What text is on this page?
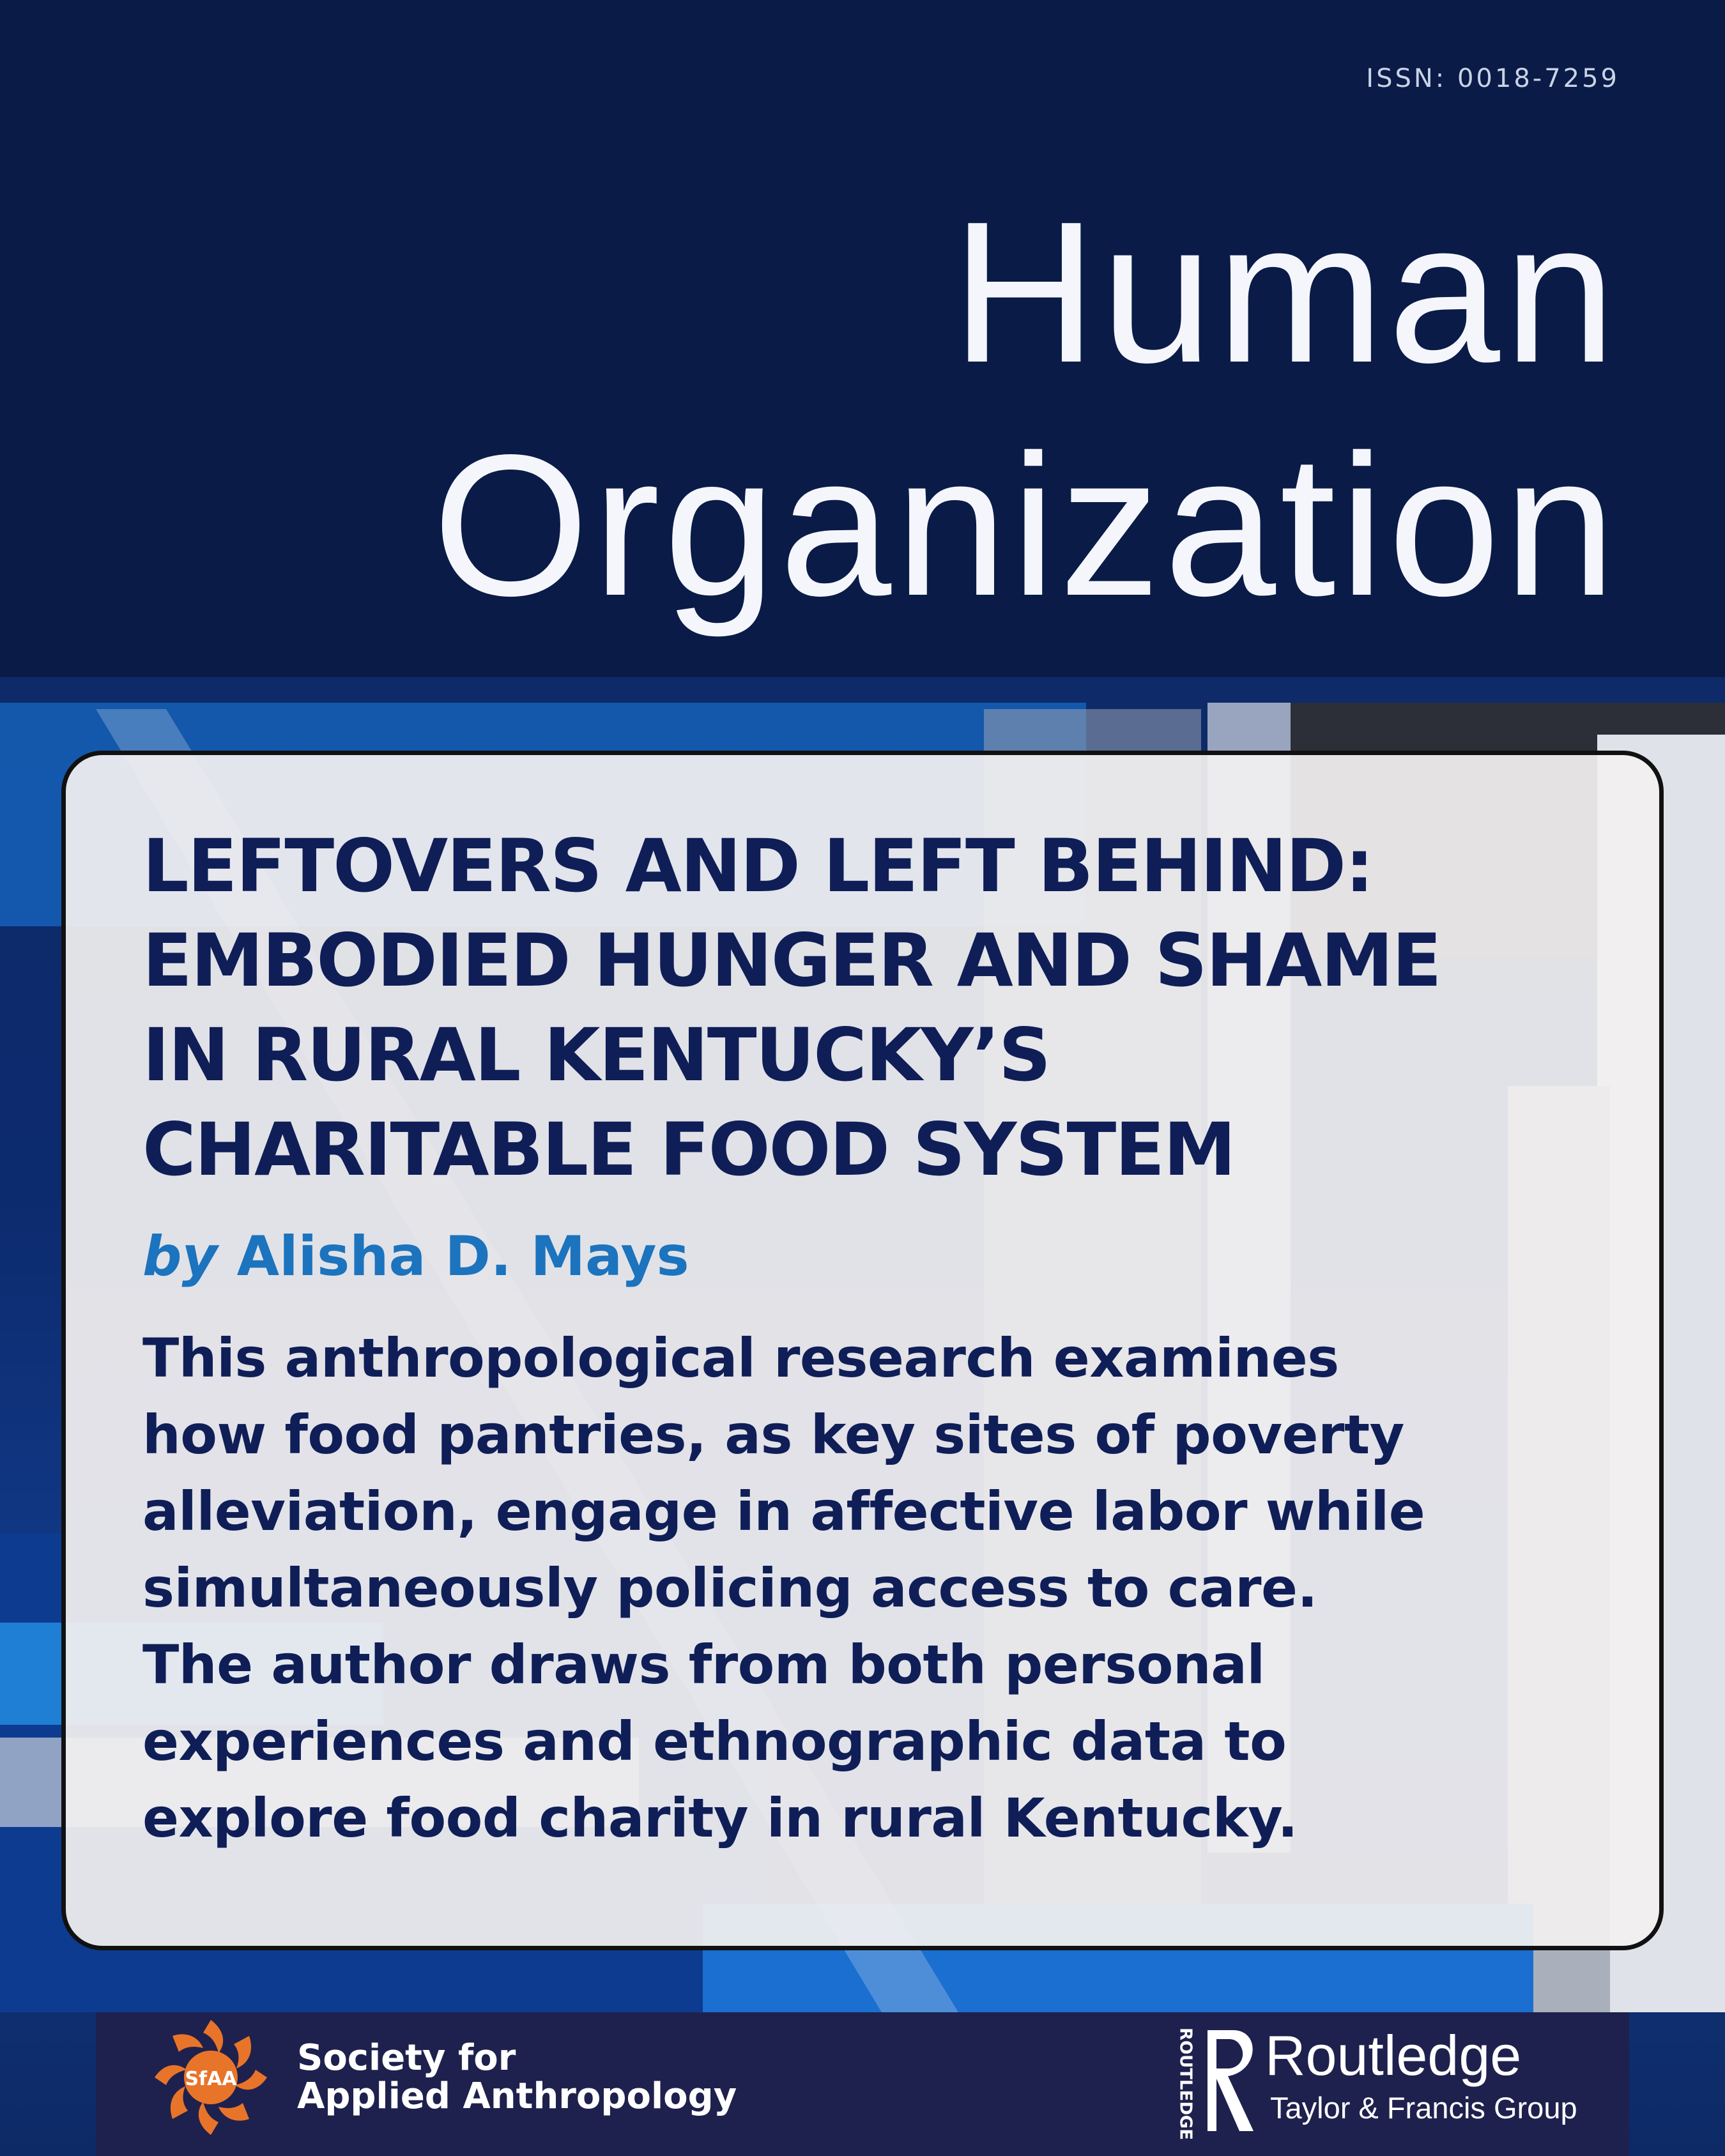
ISSN: 0018-7259
Human
Organization
LEFTOVERS AND LEFT BEHIND:
EMBODIED HUNGER AND SHAME
IN RURAL KENTUCKY’S
CHARITABLE FOOD SYSTEM
by Alisha D. Mays
This anthropological research examines
how food pantries, as key sites of poverty
alleviation, engage in affective labor while
simultaneously policing access to care.
The author draws from both personal
experiences and ethnographic data to
explore food charity in rural Kentucky.
SfAA
Society for
Applied Anthropology	ROUTLEDGE Routledge
Taylor & Francis Group
